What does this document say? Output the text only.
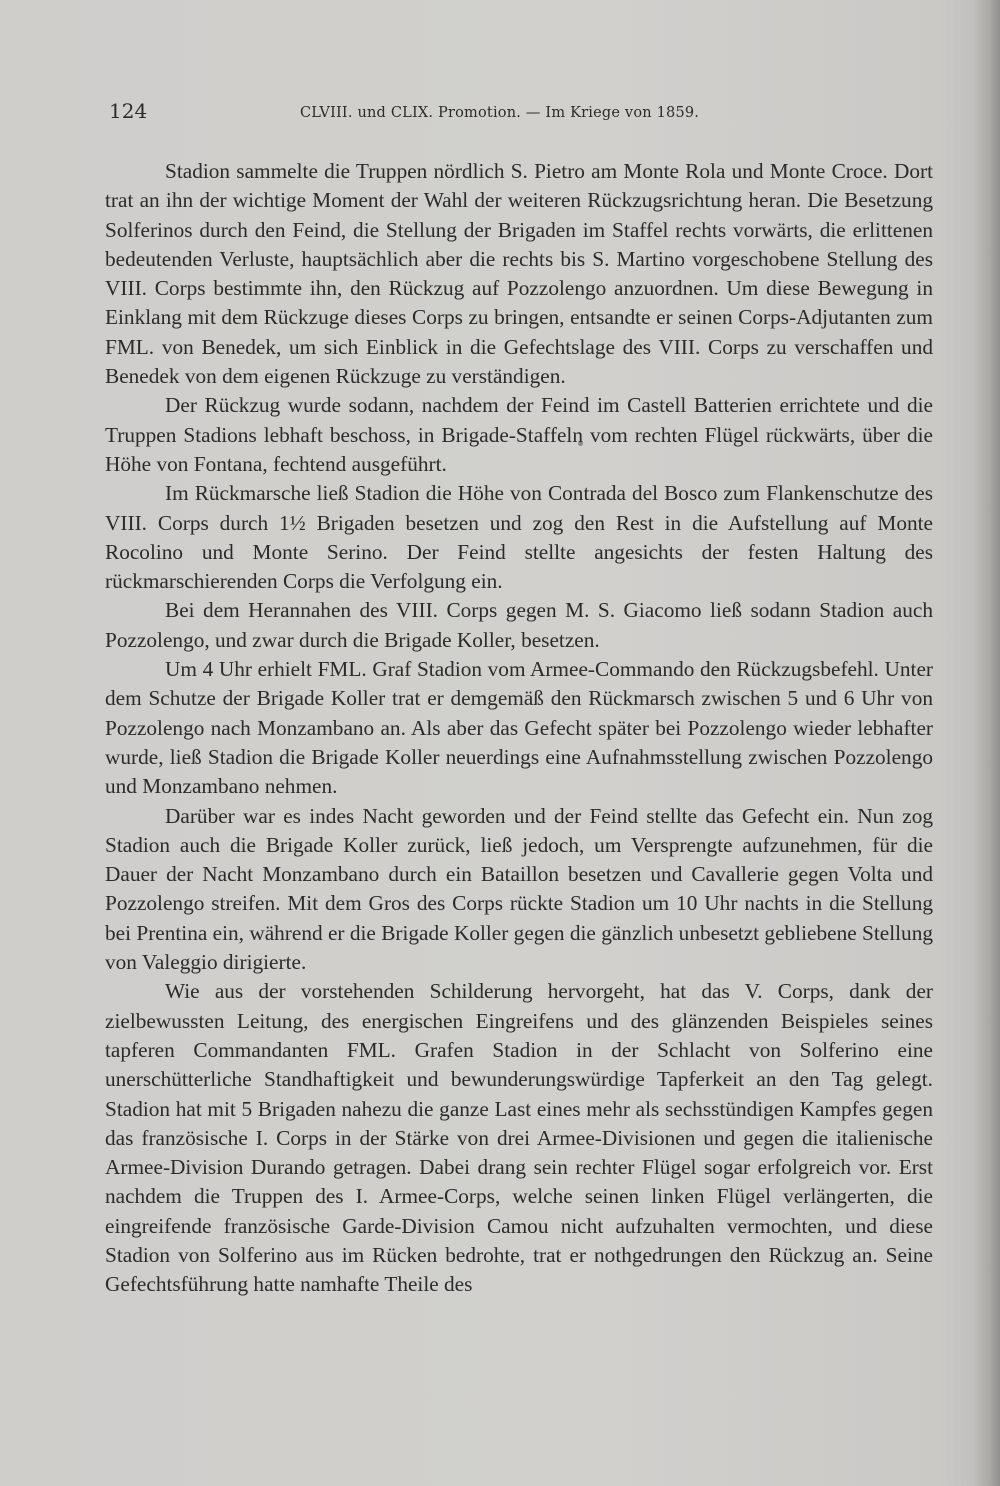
124	CLVIII. und CLIX. Promotion. — Im Kriege von 1859.

Stadion sammelte die Truppen nördlich S. Pietro am Monte Rola und Monte Croce. Dort trat an ihn der wichtige Moment der Wahl der weiteren Rückzugsrichtung heran. Die Besetzung Solferinos durch den Feind, die Stellung der Brigaden im Staffel rechts vorwärts, die erlittenen bedeutenden Verluste, hauptsächlich aber die rechts bis S. Martino vorgeschobene Stellung des VIII. Corps bestimmte ihn, den Rückzug auf Pozzolengo anzuordnen. Um diese Bewegung in Einklang mit dem Rückzuge dieses Corps zu bringen, entsandte er seinen Corps-Adjutanten zum FML. von Benedek, um sich Einblick in die Gefechtslage des VIII. Corps zu verschaffen und Benedek von dem eigenen Rückzuge zu verständigen.

Der Rückzug wurde sodann, nachdem der Feind im Castell Batterien errichtete und die Truppen Stadions lebhaft beschoss, in Brigade-Staffeln vom rechten Flügel rückwärts, über die Höhe von Fontana, fechtend ausgeführt.

Im Rückmarsche ließ Stadion die Höhe von Contrada del Bosco zum Flankenschutze des VIII. Corps durch 1½ Brigaden besetzen und zog den Rest in die Aufstellung auf Monte Rocolino und Monte Serino. Der Feind stellte angesichts der festen Haltung des rückmarschierenden Corps die Verfolgung ein.

Bei dem Herannahen des VIII. Corps gegen M. S. Giacomo ließ sodann Stadion auch Pozzolengo, und zwar durch die Brigade Koller, besetzen.

Um 4 Uhr erhielt FML. Graf Stadion vom Armee-Commando den Rückzugsbefehl. Unter dem Schutze der Brigade Koller trat er demgemäß den Rückmarsch zwischen 5 und 6 Uhr von Pozzolengo nach Monzambano an. Als aber das Gefecht später bei Pozzolengo wieder lebhafter wurde, ließ Stadion die Brigade Koller neuerdings eine Aufnahmsstellung zwischen Pozzolengo und Monzambano nehmen.

Darüber war es indes Nacht geworden und der Feind stellte das Gefecht ein. Nun zog Stadion auch die Brigade Koller zurück, ließ jedoch, um Versprengte aufzunehmen, für die Dauer der Nacht Monzambano durch ein Bataillon besetzen und Cavallerie gegen Volta und Pozzolengo streifen. Mit dem Gros des Corps rückte Stadion um 10 Uhr nachts in die Stellung bei Prentina ein, während er die Brigade Koller gegen die gänzlich unbesetzt gebliebene Stellung von Valeggio dirigierte.

Wie aus der vorstehenden Schilderung hervorgeht, hat das V. Corps, dank der zielbewussten Leitung, des energischen Eingreifens und des glänzenden Beispieles seines tapferen Commandanten FML. Grafen Stadion in der Schlacht von Solferino eine unerschütterliche Standhaftigkeit und bewunderungswürdige Tapferkeit an den Tag gelegt. Stadion hat mit 5 Brigaden nahezu die ganze Last eines mehr als sechsstündigen Kampfes gegen das französische I. Corps in der Stärke von drei Armee-Divisionen und gegen die italienische Armee-Division Durando getragen. Dabei drang sein rechter Flügel sogar erfolgreich vor. Erst nachdem die Truppen des I. Armee-Corps, welche seinen linken Flügel verlängerten, die eingreifende französische Garde-Division Camou nicht aufzuhalten vermochten, und diese Stadion von Solferino aus im Rücken bedrohte, trat er nothgedrungen den Rückzug an. Seine Gefechtsführung hatte namhafte Theile des
